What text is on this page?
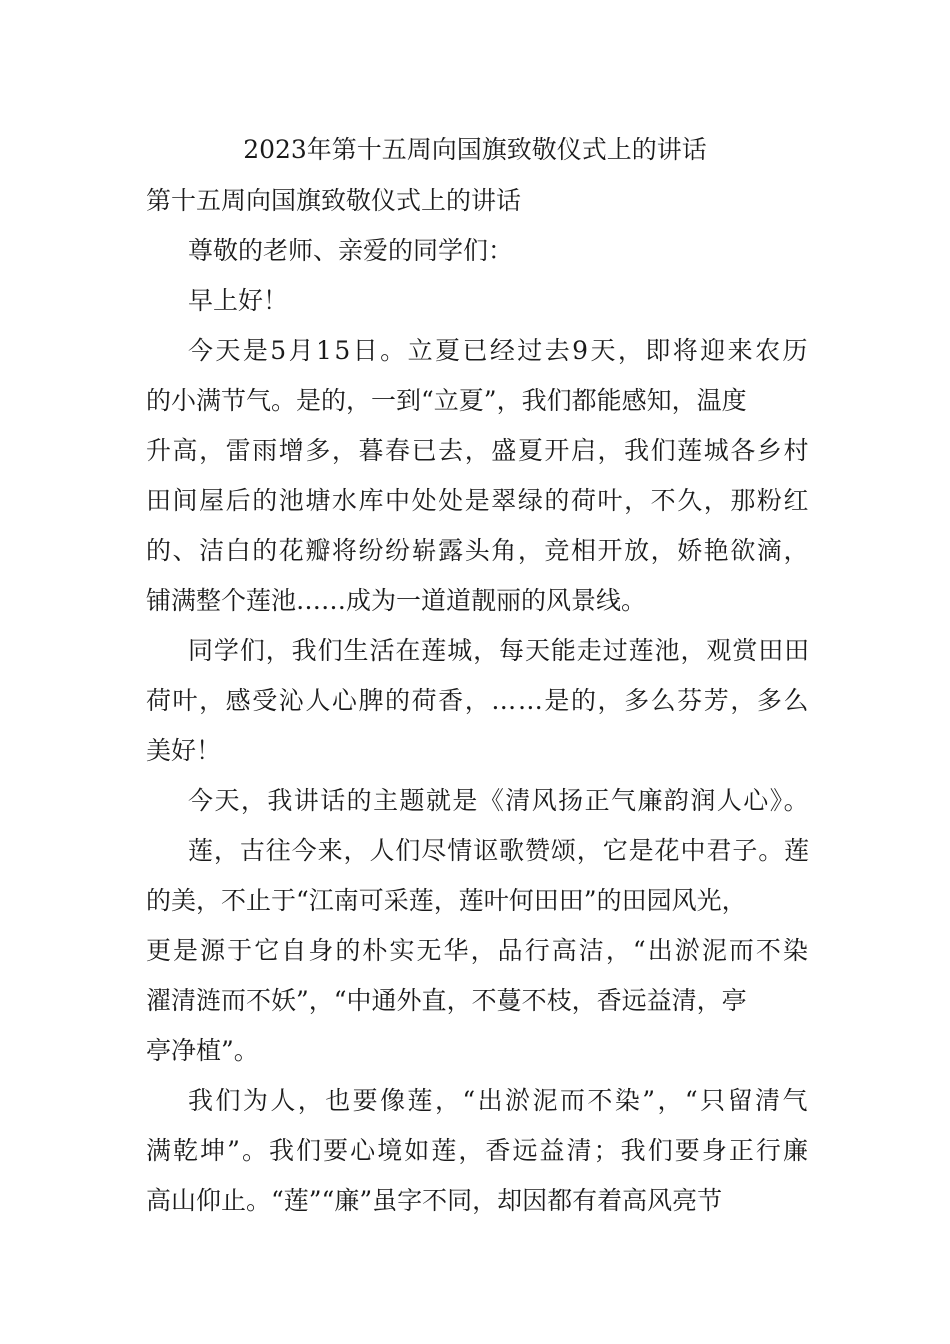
2023年第十五周向国旗致敬仪式上的讲话
第十五周向国旗致敬仪式上的讲话
尊敬的老师、亲爱的同学们：
早上好！
今天是5月15日。立夏已经过去9天，即将迎来农历
的小满节气。是的，一到“立夏”，我们都能感知，温度
升高，雷雨增多，暮春已去，盛夏开启，我们莲城各乡村
田间屋后的池塘水库中处处是翠绿的荷叶，不久，那粉红
的、洁白的花瓣将纷纷崭露头角，竞相开放，娇艳欲滴，
铺满整个莲池……成为一道道靓丽的风景线。
同学们，我们生活在莲城，每天能走过莲池，观赏田田
荷叶，感受沁人心脾的荷香，……是的，多么芬芳，多么
美好！
今天，我讲话的主题就是《清风扬正气廉韵润人心》。
莲，古往今来，人们尽情讴歌赞颂，它是花中君子。莲
的美，不止于“江南可采莲，莲叶何田田”的田园风光，
更是源于它自身的朴实无华，品行高洁，“出淤泥而不染
濯清涟而不妖”，“中通外直，不蔓不枝，香远益清，亭
亭净植”。
我们为人，也要像莲，“出淤泥而不染”，“只留清气
满乾坤”。我们要心境如莲，香远益清；我们要身正行廉
高山仰止。“莲”“廉”虽字不同，却因都有着高风亮节
